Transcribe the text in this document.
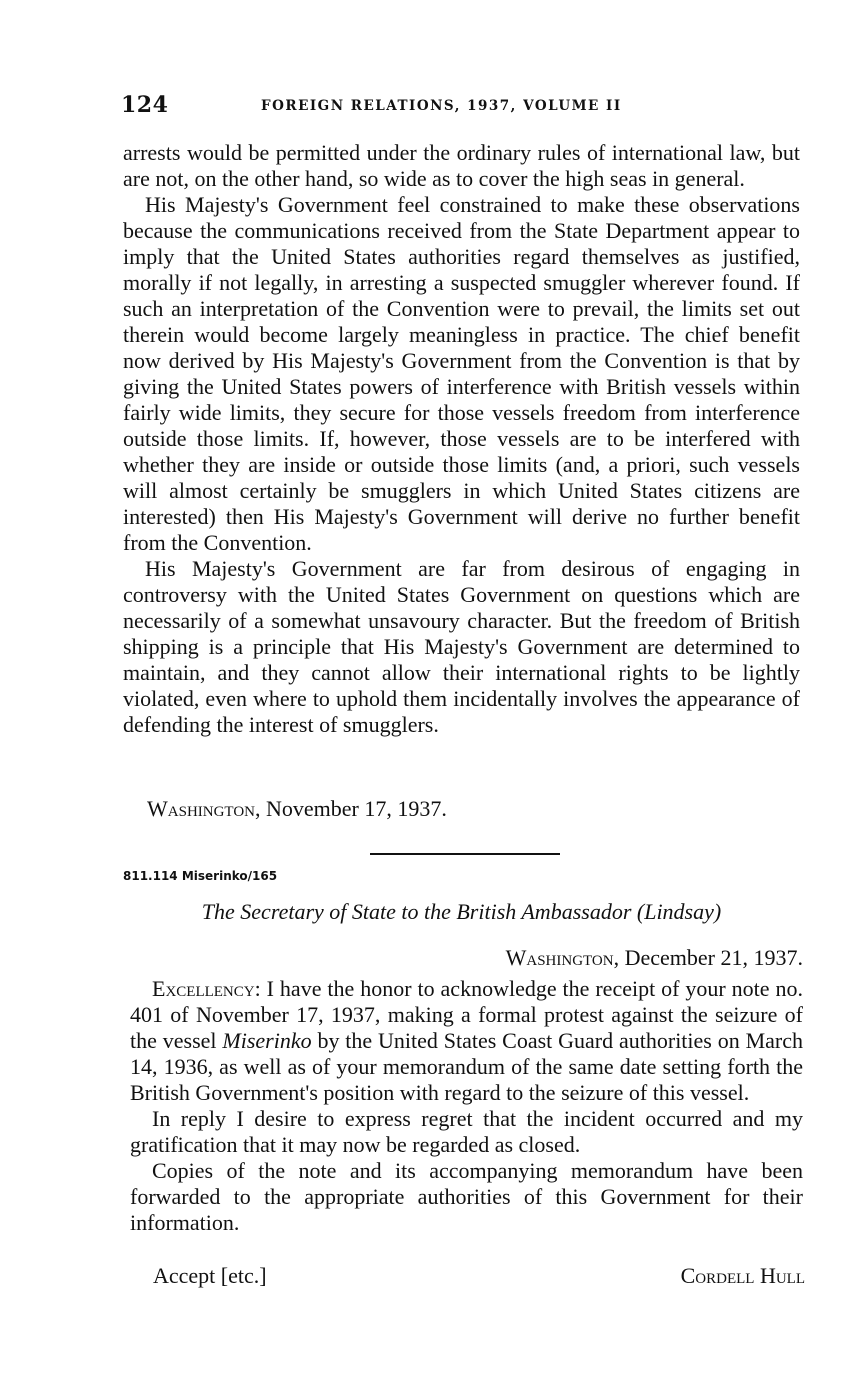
124	FOREIGN RELATIONS, 1937, VOLUME II

arrests would be permitted under the ordinary rules of international law, but are not, on the other hand, so wide as to cover the high seas in general.

His Majesty's Government feel constrained to make these observations because the communications received from the State Department appear to imply that the United States authorities regard themselves as justified, morally if not legally, in arresting a suspected smuggler wherever found. If such an interpretation of the Convention were to prevail, the limits set out therein would become largely meaningless in practice. The chief benefit now derived by His Majesty's Government from the Convention is that by giving the United States powers of interference with British vessels within fairly wide limits, they secure for those vessels freedom from interference outside those limits. If, however, those vessels are to be interfered with whether they are inside or outside those limits (and, a priori, such vessels will almost certainly be smugglers in which United States citizens are interested) then His Majesty's Government will derive no further benefit from the Convention.

His Majesty's Government are far from desirous of engaging in controversy with the United States Government on questions which are necessarily of a somewhat unsavoury character. But the freedom of British shipping is a principle that His Majesty's Government are determined to maintain, and they cannot allow their international rights to be lightly violated, even where to uphold them incidentally involves the appearance of defending the interest of smugglers.

Washington, November 17, 1937.
811.114 Miserinko/165
The Secretary of State to the British Ambassador (Lindsay)
Washington, December 21, 1937.

Excellency: I have the honor to acknowledge the receipt of your note no. 401 of November 17, 1937, making a formal protest against the seizure of the vessel Miserinko by the United States Coast Guard authorities on March 14, 1936, as well as of your memorandum of the same date setting forth the British Government's position with regard to the seizure of this vessel.

In reply I desire to express regret that the incident occurred and my gratification that it may now be regarded as closed.

Copies of the note and its accompanying memorandum have been forwarded to the appropriate authorities of this Government for their information.

Accept [etc.]	Cordell Hull
